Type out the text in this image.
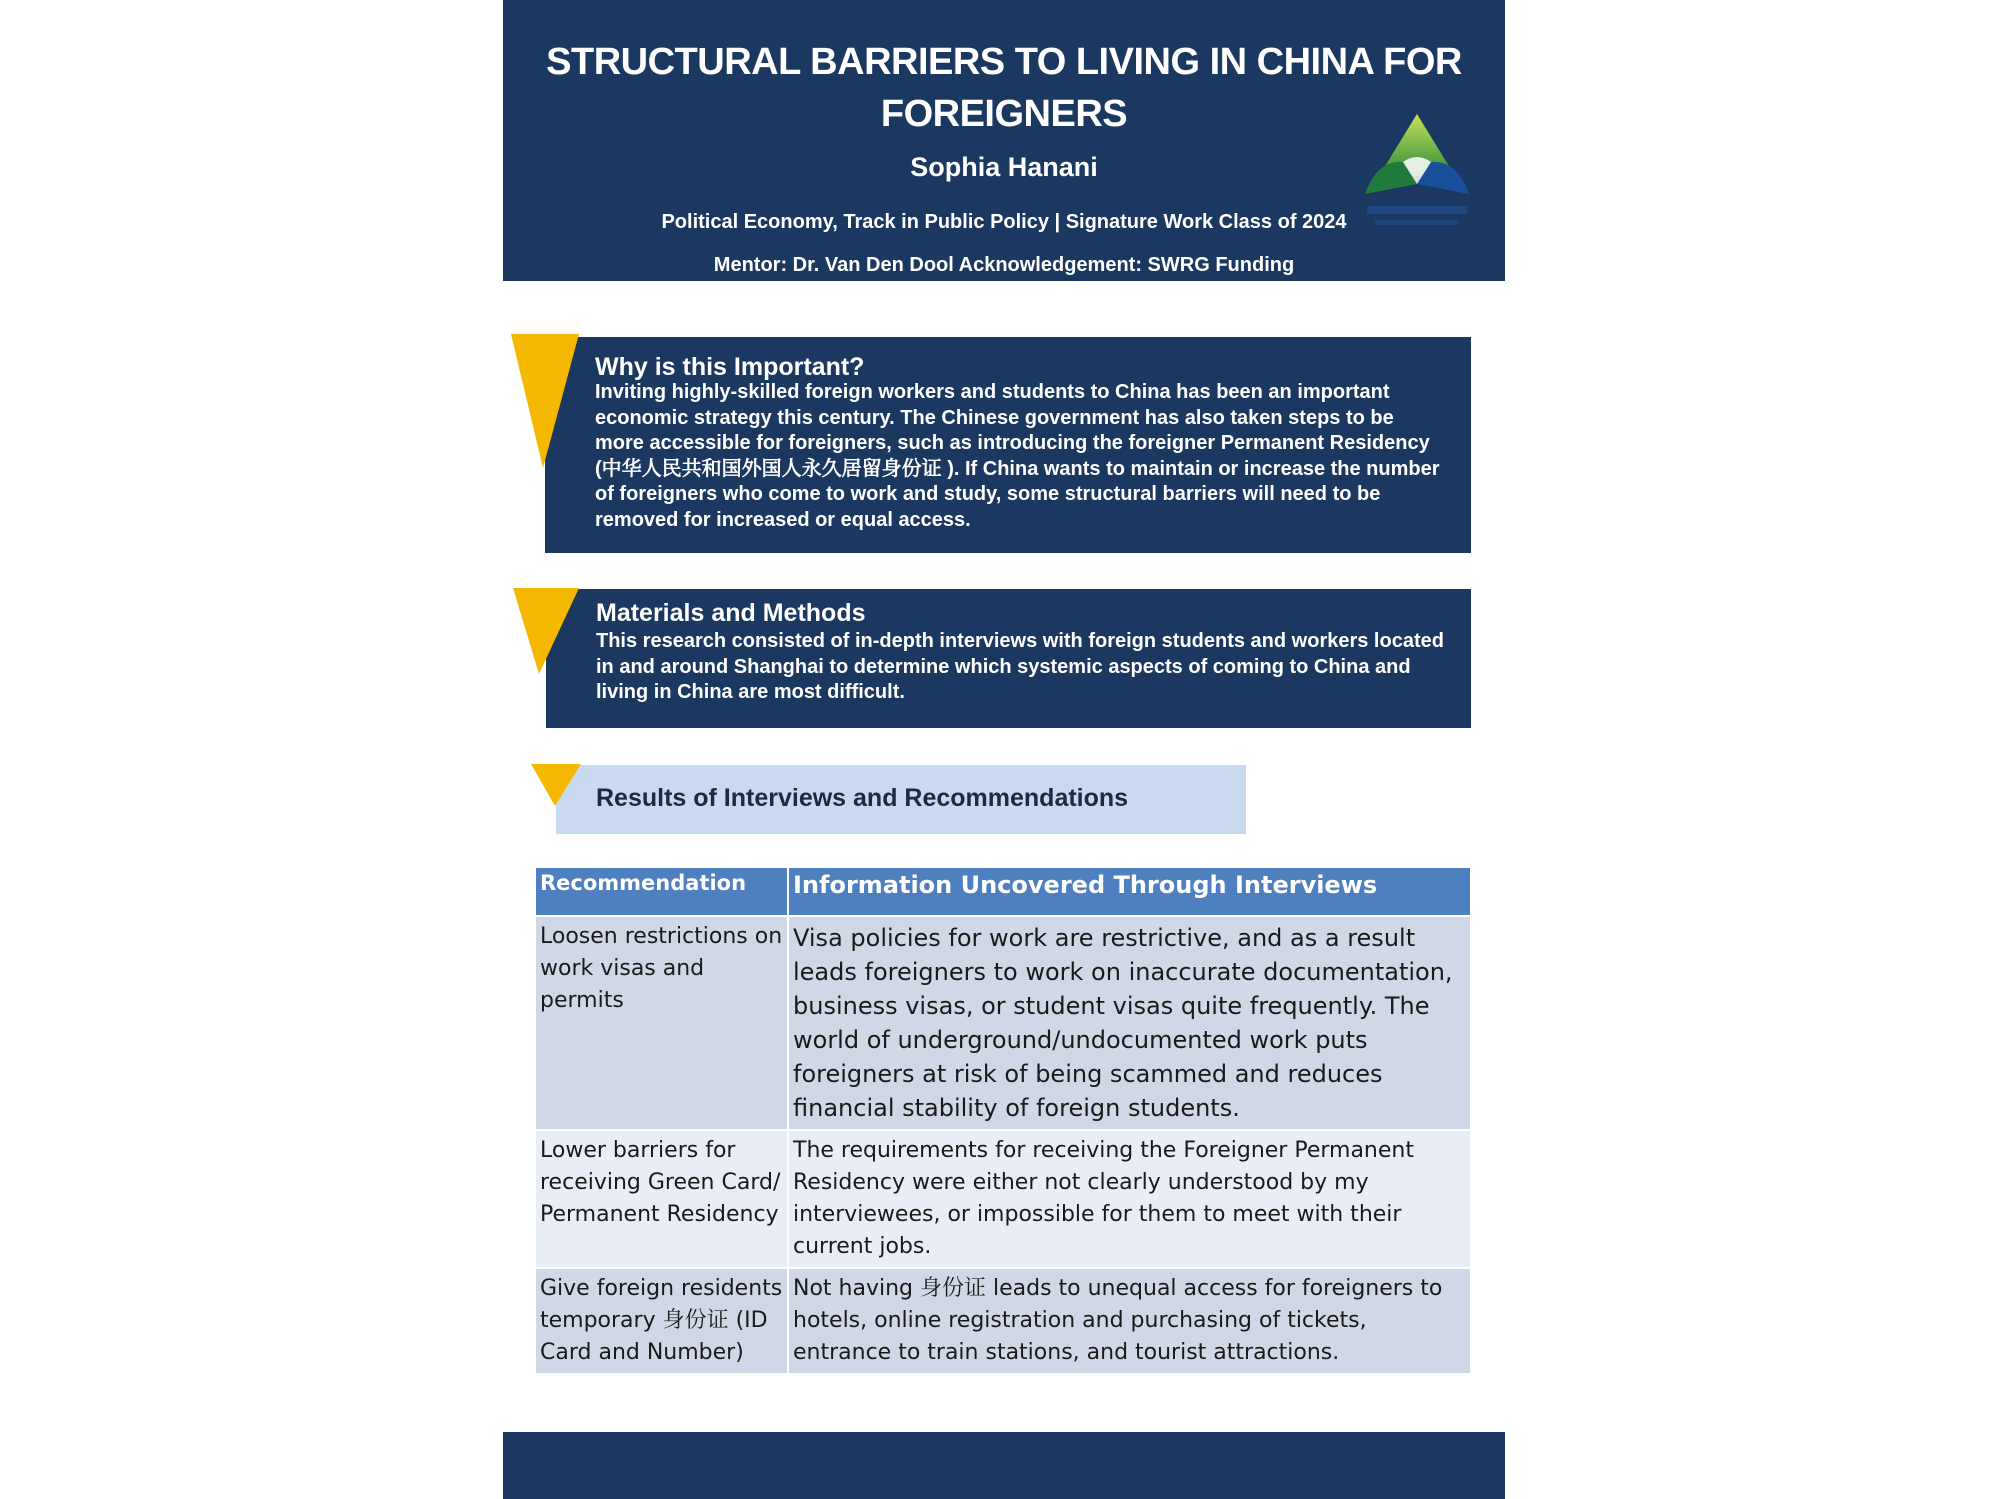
STRUCTURAL BARRIERS TO LIVING IN CHINA FOR FOREIGNERS
Sophia Hanani
Political Economy, Track in Public Policy | Signature Work Class of 2024
Mentor: Dr. Van Den Dool Acknowledgement: SWRG Funding
Why is this Important?

Inviting highly-skilled foreign workers and students to China has been an important economic strategy this century. The Chinese government has also taken steps to be more accessible for foreigners, such as introducing the foreigner Permanent Residency (中华人民共和国外国人永久居留身份证 ). If China wants to maintain or increase the number of foreigners who come to work and study, some structural barriers will need to be removed for increased or equal access.

Materials and Methods

This research consisted of in-depth interviews with foreign students and workers located in and around Shanghai to determine which systemic aspects of coming to China and living in China are most difficult.

Results of Interviews and Recommendations
Recommendation	Information Uncovered Through Interviews
Loosen restrictions on work visas and permits	Visa policies for work are restrictive, and as a result leads foreigners to work on inaccurate documentation, business visas, or student visas quite frequently. The world of underground/undocumented work puts foreigners at risk of being scammed and reduces financial stability of foreign students.
Lower barriers for receiving Green Card/ Permanent Residency	The requirements for receiving the Foreigner Permanent Residency were either not clearly understood by my interviewees, or impossible for them to meet with their current jobs.
Give foreign residents temporary 身份证 (ID Card and Number)	Not having 身份证 leads to unequal access for foreigners to hotels, online registration and purchasing of tickets, entrance to train stations, and tourist attractions.
